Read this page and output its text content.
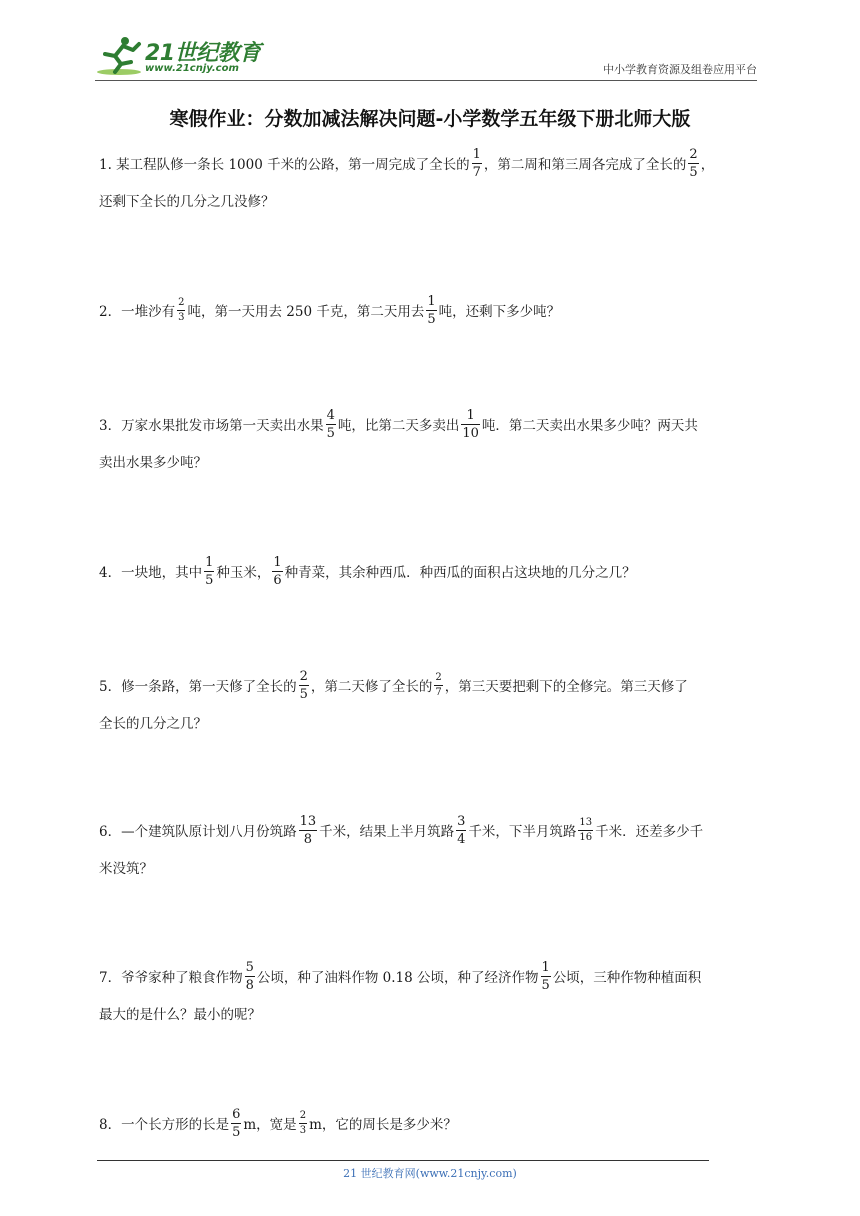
21世纪教育
www.21cnjy.com	中小学教育资源及组卷应用平台
寒假作业：分数加减法解决问题-小学数学五年级下册北师大版
1. 某工程队修一条长 1000 千米的公路，第一周完成了全长的 $\frac{1}{7}$ ，第二周和第三周各完成了全长的 $\frac{2}{5}$ ，
还剩下全长的几分之几没修？
2．一堆沙有 $\frac{2}{3}$ 吨，第一天用去 250 千克，第二天用去 $\frac{1}{5}$ 吨，还剩下多少吨？
3．万家水果批发市场第一天卖出水果 $\frac{4}{5}$ 吨，比第二天多卖出 $\frac{1}{10}$ 吨．第二天卖出水果多少吨？两天共
卖出水果多少吨？
4．一块地，其中 $\frac{1}{5}$ 种玉米， $\frac{1}{6}$ 种青菜，其余种西瓜．种西瓜的面积占这块地的几分之几？
5．修一条路，第一天修了全长的 $\frac{2}{5}$ ，第二天修了全长的 $\frac{2}{7}$ ，第三天要把剩下的全修完。第三天修了
全长的几分之几？
6．—个建筑队原计划八月份筑路 $\frac{13}{8}$ 千米，结果上半月筑路 $\frac{3}{4}$ 千米，下半月筑路 $\frac{13}{16}$ 千米．还差多少千
米没筑？
7．爷爷家种了粮食作物 $\frac{5}{8}$ 公顷，种了油料作物 0.18 公顷，种了经济作物 $\frac{1}{5}$ 公顷，三种作物种植面积
最大的是什么？最小的呢？
8．一个长方形的长是 $\frac{6}{5}$ m，宽是 $\frac{2}{3}$ m，它的周长是多少米？
21 世纪教育网(www.21cnjy.com)
